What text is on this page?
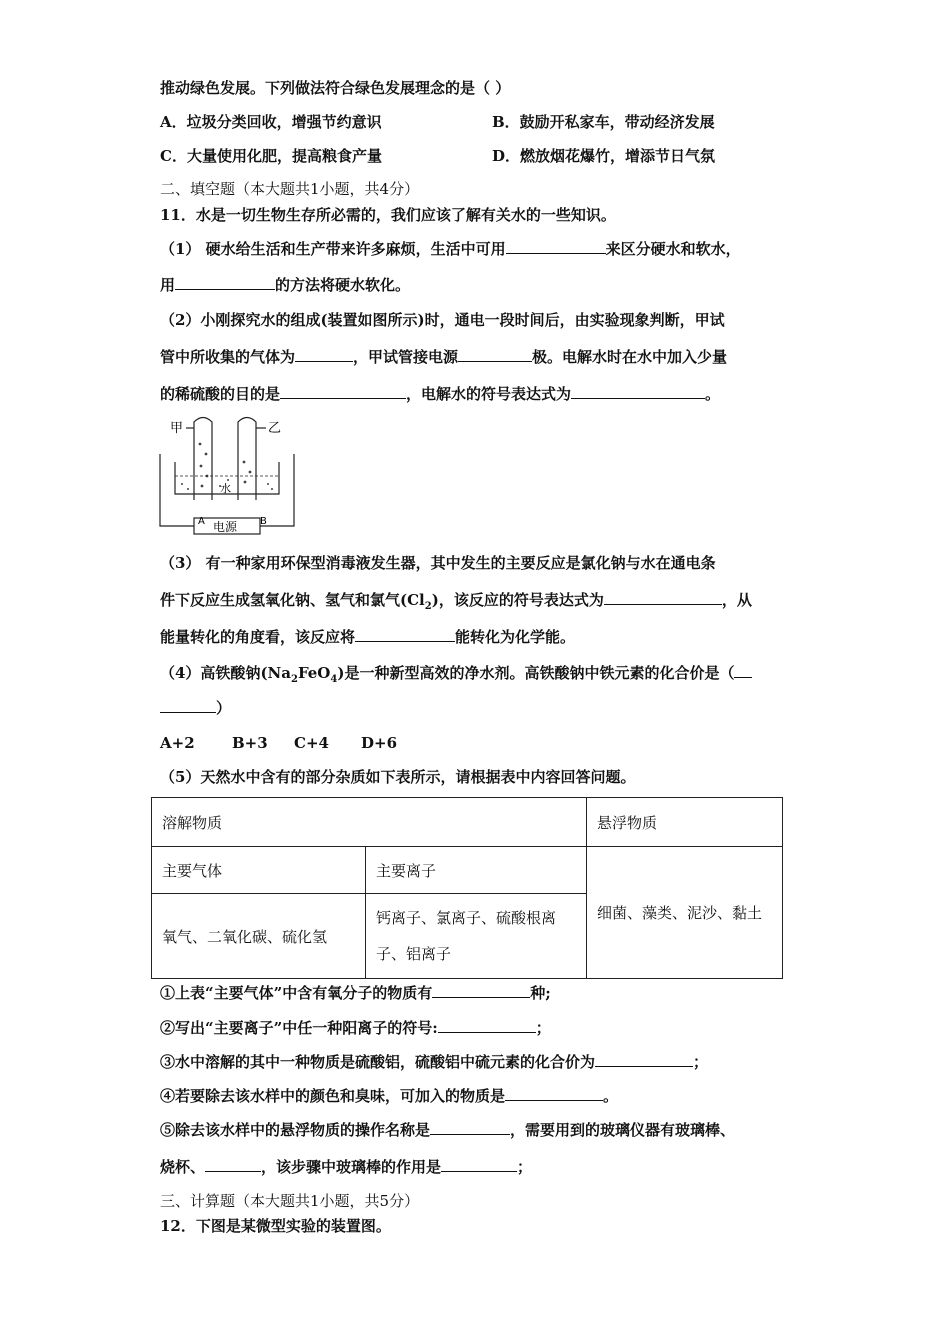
推动绿色发展。下列做法符合绿色发展理念的是（ ）
A．垃圾分类回收，增强节约意识	B．鼓励开私家车，带动经济发展
C．大量使用化肥，提高粮食产量	D．燃放烟花爆竹，增添节日气氛
二、填空题（本大题共1小题，共4分）
11．水是一切生物生存所必需的，我们应该了解有关水的一些知识。
（1） 硬水给生活和生产带来许多麻烦，生活中可用	来区分硬水和软水，
用	的方法将硬水软化。
（2）小刚探究水的组成(装置如图所示)时，通电一段时间后，由实验现象判断，甲试
管中所收集的气体为	，甲试管接电源	极。电解水时在水中加入少量
的稀硫酸的目的是	，电解水的符号表达式为	。
甲	乙
水
A	B
电源
（3） 有一种家用环保型消毒液发生器，其中发生的主要反应是氯化钠与水在通电条
件下反应生成氢氧化钠、氢气和氯气$(Cl_2)$，该反应的符号表达式为	，从
能量转化的角度看，该反应将	能转化为化学能。
（4）高铁酸钠$(Na_2FeO_4)$是一种新型高效的净水剂。高铁酸钠中铁元素的化合价是（
）
A+2 B+3 C+4 D+6
（5）天然水中含有的部分杂质如下表所示，请根据表中内容回答问题。
溶解物质		悬浮物质
主要气体	主要离子	细菌、藻类、泥沙、黏土
氧气、二氧化碳、硫化氢	钙离子、氯离子、硫酸根离
子、铝离子	
①上表“主要气体”中含有氧分子的物质有	种;
②写出“主要离子”中任一种阳离子的符号:	；
③水中溶解的其中一种物质是硫酸铝，硫酸铝中硫元素的化合价为	；
④若要除去该水样中的颜色和臭味，可加入的物质是	。
⑤除去该水样中的悬浮物质的操作名称是	，需要用到的玻璃仪器有玻璃棒、
烧杯、	，该步骤中玻璃棒的作用是	；
三、计算题（本大题共1小题，共5分）
12．下图是某微型实验的装置图。
